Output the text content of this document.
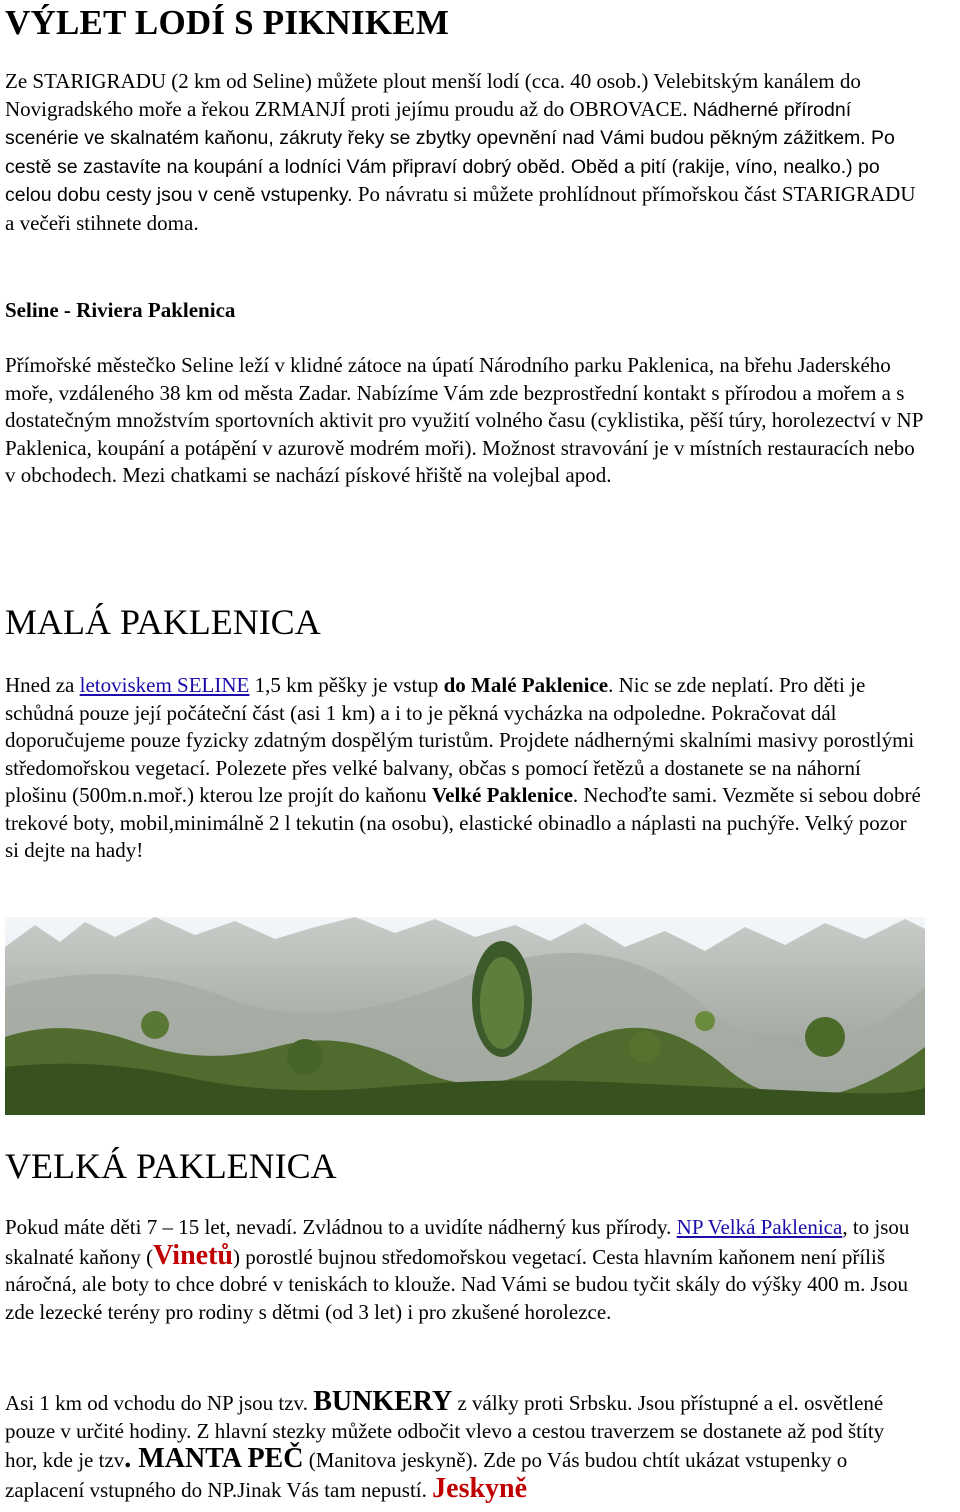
VÝLET LODÍ S PIKNIKEM
Ze STARIGRADU (2 km od Seline) můžete plout menší lodí (cca. 40 osob.) Velebitským kanálem do Novigradského moře a řekou ZRMANJÍ proti jejímu proudu až do OBROVACE. Nádherné přírodní scenérie ve skalnatém kaňonu, zákruty řeky se zbytky opevnění nad Vámi budou pěkným zážitkem. Po cestě se zastavíte na koupání a lodníci Vám připraví dobrý oběd. Oběd a pití (rakije, víno, nealko.) po celou dobu cesty jsou v ceně vstupenky. Po návratu si můžete prohlídnout přímořskou část STARIGRADU a večeři stihnete doma.
Seline - Riviera Paklenica
Přímořské městečko Seline leží v klidné zátoce na úpatí Národního parku Paklenica, na břehu Jaderského moře, vzdáleného 38 km od města Zadar. Nabízíme Vám zde bezprostřední kontakt s přírodou a mořem a s dostatečným množstvím sportovních aktivit pro využití volného času (cyklistika, pěší túry, horolezectví v NP Paklenica, koupání a potápění v azurově modrém moři). Možnost stravování je v místních restauracích nebo v obchodech. Mezi chatkami se nachází pískové hřiště na volejbal apod.
MALÁ PAKLENICA
Hned za letoviskem SELINE 1,5 km pěšky je vstup do Malé Paklenice. Nic se zde neplatí. Pro děti je schůdná pouze její počáteční část (asi 1 km) a i to je pěkná vycházka na odpoledne. Pokračovat dál doporučujeme pouze fyzicky zdatným dospělým turistům. Projdete nádhernými skalními masivy porostlými středomořskou vegetací. Polezete přes velké balvany, občas s pomocí řetězů a dostanete se na náhorní plošinu (500m.n.moř.) kterou lze projít do kaňonu Velké Paklenice. Nechoďte sami. Vezměte si sebou dobré trekové boty, mobil,minimálně 2 l tekutin (na osobu), elastické obinadlo a náplasti na puchýře. Velký pozor si dejte na hady!
VELKÁ PAKLENICA
Pokud máte děti 7 – 15 let, nevadí. Zvládnou to a uvidíte nádherný kus přírody. NP Velká Paklenica, to jsou skalnaté kaňony (Vinetů) porostlé bujnou středomořskou vegetací. Cesta hlavním kaňonem není příliš náročná, ale boty to chce dobré v teniskách to klouže. Nad Vámi se budou tyčit skály do výšky 400 m. Jsou zde lezecké terény pro rodiny s dětmi (od 3 let) i pro zkušené horolezce.
Asi 1 km od vchodu do NP jsou tzv. BUNKERY z války proti Srbsku. Jsou přístupné a el. osvětlené pouze v určité hodiny. Z hlavní stezky můžete odbočit vlevo a cestou traverzem se dostanete až pod štíty hor, kde je tzv. MANTA PEČ (Manitova jeskyně). Zde po Vás budou chtít ukázat vstupenky o zaplacení vstupného do NP.Jinak Vás tam nepustí. Jeskyně
